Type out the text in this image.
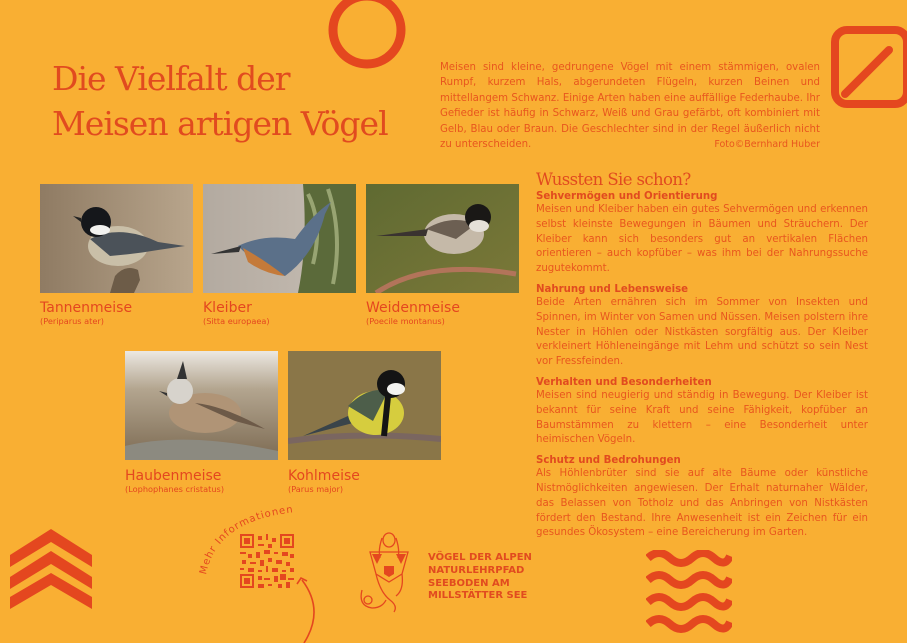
Die Vielfalt der
Meisen artigen Vögel
Meisen sind kleine, gedrungene Vögel mit einem stämmigen, ovalen Rumpf, kurzem Hals, abgerundeten Flügeln, kurzen Beinen und mittellangem Schwanz. Einige Arten haben eine auffällige Federhaube. Ihr Gefieder ist häufig in Schwarz, Weiß und Grau gefärbt, oft kombiniert mit Gelb, Blau oder Braun. Die Geschlechter sind in der Regel äußerlich nicht zu unterscheiden.	Foto©Bernhard Huber
Tannenmeise
(Periparus ater)
Kleiber
(Sitta europaea)
Weidenmeise
(Poecile montanus)
Haubenmeise
(Lophophanes cristatus)
Kohlmeise
(Parus major)
Wussten Sie schon?
Sehvermögen und Orientierung

Meisen und Kleiber haben ein gutes Sehvermögen und erkennen selbst kleinste Bewegungen in Bäumen und Sträuchern. Der Kleiber kann sich besonders gut an vertikalen Flächen orientieren – auch kopfüber – was ihm bei der Nahrungssuche zugutekommt.

Nahrung und Lebensweise

Beide Arten ernähren sich im Sommer von Insekten und Spinnen, im Winter von Samen und Nüssen. Meisen polstern ihre Nester in Höhlen oder Nistkästen sorgfältig aus. Der Kleiber verkleinert Höhleneingänge mit Lehm und schützt so sein Nest vor Fressfeinden.

Verhalten und Besonderheiten

Meisen sind neugierig und ständig in Bewegung. Der Kleiber ist bekannt für seine Kraft und seine Fähigkeit, kopfüber an Baumstämmen zu klettern – eine Besonderheit unter heimischen Vögeln.

Schutz und Bedrohungen

Als Höhlenbrüter sind sie auf alte Bäume oder künstliche Nistmöglichkeiten angewiesen. Der Erhalt naturnaher Wälder, das Belassen von Totholz und das Anbringen von Nistkästen fördert den Bestand. Ihre Anwesenheit ist ein Zeichen für ein gesundes Ökosystem – eine Bereicherung im Garten.

Mehr Informationen
VÖGEL DER ALPEN
NATURLEHRPFAD
SEEBODEN AM
MILLSTÄTTER SEE
